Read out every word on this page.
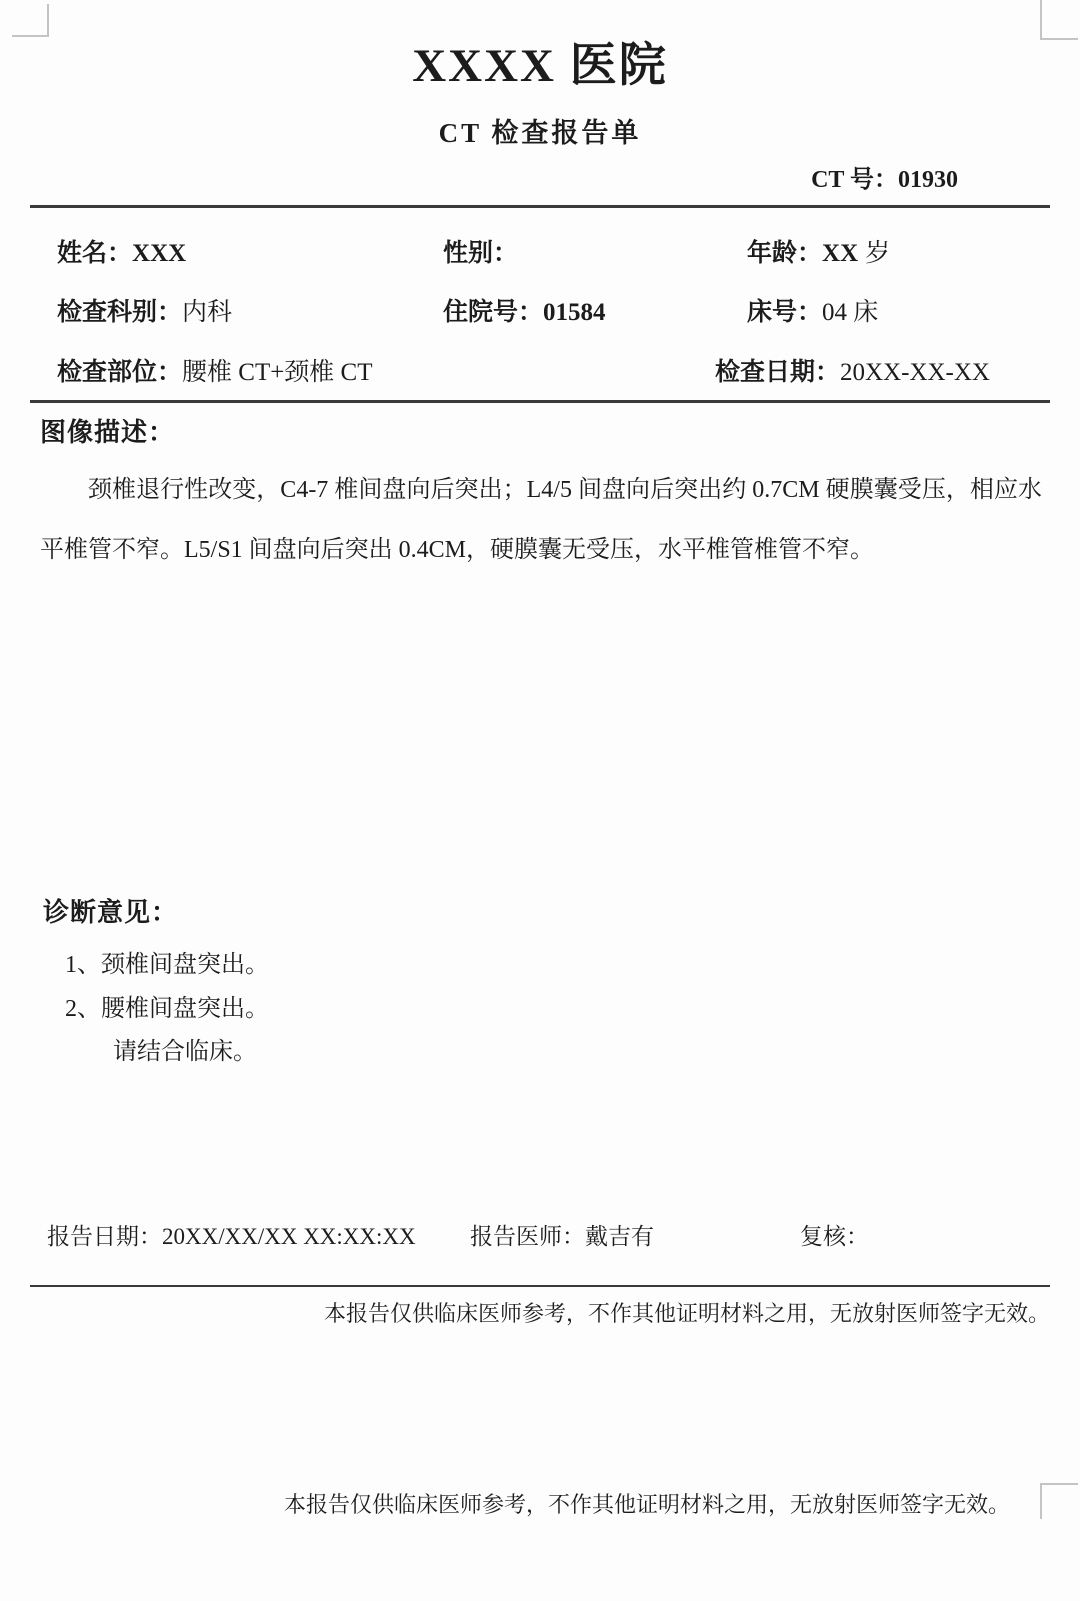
XXXX 医院
CT 检查报告单
CT 号：01930
姓名：XXX	性别：	年龄：XX 岁
检查科别：内科	住院号：01584	床号：04 床
检查部位：腰椎 CT+颈椎 CT	检查日期：20XX-XX-XX
图像描述：
颈椎退行性改变，C4-7 椎间盘向后突出；L4/5 间盘向后突出约 0.7CM 硬膜囊受压，相应水平椎管不窄。L5/S1 间盘向后突出 0.4CM，硬膜囊无受压，水平椎管椎管不窄。
诊断意见：
1、颈椎间盘突出。
2、腰椎间盘突出。
请结合临床。
报告日期：20XX/XX/XX XX:XX:XX 报告医师：戴吉有	复核：
本报告仅供临床医师参考，不作其他证明材料之用，无放射医师签字无效。
本报告仅供临床医师参考，不作其他证明材料之用，无放射医师签字无效。
